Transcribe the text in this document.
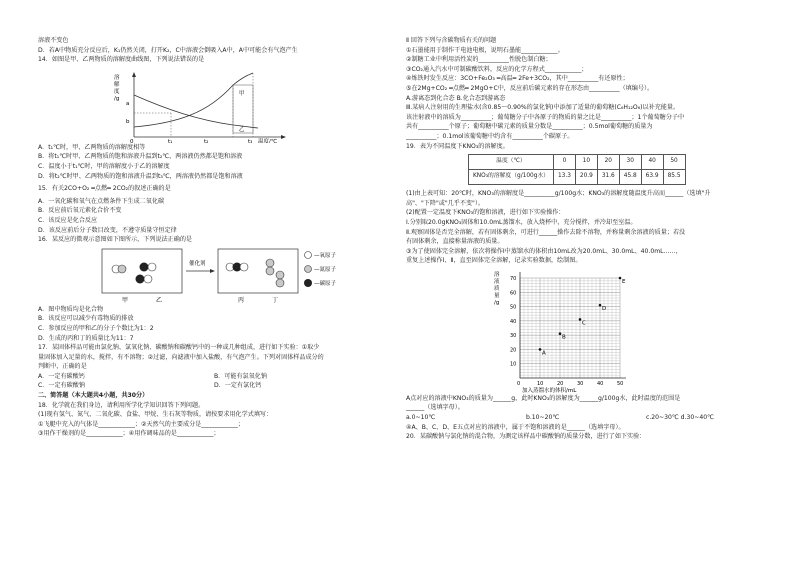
溶液不变色
D．若A中物质充分反应后，K₁仍然关闭，打开K₂，C中溶液会倒吸入A中，A中可能会有气泡产生
14．如图是甲、乙两物质的溶解度曲线图，下列说法错误的是
溶
解
度
/g
a
b
甲
乙
0	t₁	t₂	t₃ 温度/℃
A．t₁℃时，甲、乙两物质的溶解度相等
B．将t₁℃时甲、乙两物质的饱和溶液升温到t₂℃，两溶液仍然都是饱和溶液
C．温度小于t₁℃时，甲的溶解度小于乙的溶解度
D．将t₂℃时甲、乙两物质的饱和溶液升温到t₃℃，两溶液仍然都是饱和溶液
15．有关2CO+O₂ ═点燃═ 2CO₂的叙述正确的是
A．一氧化碳和氧气在点燃条件下生成二氧化碳
B．反应前后氧元素化合价不变
C．该反应是化合反应
D．该反应前后分子数目改变，不遵守质量守恒定律
16．某反应的微观示意图如下图所示，下列说法正确的是
甲	乙
催化剂
丙	丁
—氧原子
—氮原子
—碳原子
A．图中物质均是化合物
B．该反应可以减少有毒物质的排放
C．参加反应的甲和乙的分子个数比为1：2
D．生成的丙和丁的质量比为11：7
17．某固体样品可能由氯化钠、氯氧化钠、碳酸钠和碳酸钙中的一种或几种组成，进行如下实验：①取少
量固体加入足量的水，搅拌，有不溶物；②过滤，向滤液中加入盐酸，有气泡产生。下列对固体样品成分的
判断中，正确的是
A．一定有碳酸钙	B．可能有氯氧化钠
C．一定有碳酸钠	D．一定有氯化钙
二、简答题（本大题共4小题，共30分）
18．化学就在我们身边，请利用所学化学知识回答下列问题。
(1)现有氢气、氮气、二氧化碳、食盐、甲烷、生石灰等物质，请按要求用化学式填写：
①飞艇中充入的气体是____________；②天然气的主要成分是____________；
③用作干燥剂的是____________；④用作调味品的是____________；
Ⅱ 回答下列与含碳物质有关的问题
①石墨能用于制作干电池电极，说明石墨能____________。
②制糖工业中利用活性炭的__________性脱色制白糖；
③CO₂通入汽水中可制碳酸饮料，反应的化学方程式____________；
④炼铁时发生反应：3CO+Fe₂O₃ ═高温═ 2Fe+3CO₂，其中__________有还原性；
⑤在2Mg+CO₂ ═点燃═ 2MgO+C中，反应前后碳元素的存在形态由__________（填编号）。
A.游离态到化合态 B.化合态到游离态
Ⅲ.某病人注射用的生理盐水(含0.85～0.90%的氯化钠)中添加了适量的葡萄糖(C₆H₁₂O₆)以补充能量。
该注射液中的溶质为__________；葡萄糖分子中各原子的物质的量之比是__________；1个葡萄糖分子中
共有__________个原子；葡萄糖中碳元素的质量分数是__________；0.5mol葡萄糖的质量为
__________；0.1mol该葡萄糖中约含有__________个碳原子。
19．表为不同温度下KNO₃的溶解度。
温度（℃）	0	10	20	30	40	50
KNO₃的溶解度（g/100g水）	13.3	20.9	31.6	45.8	63.9	85.5
(1)由上表可知：20℃时，KNO₃的溶解度是__________g/100g水；KNO₃的溶解度随温度升高而______（选填"升
高"、"下降"或"几乎不变"）。
(2)配置一定温度下KNO₃的饱和溶液，进行如下实验操作：
Ⅰ.分别取20.0gKNO₃固体和10.0mL蒸馏水，放入烧杯中，充分搅拌，并冷却至室温。
Ⅱ.观察固体是否完全溶解，若有固体剩余，可进行______操作去除不溶物，并称量剩余溶液的质量；若没
有固体剩余，直接称量溶液的质量。
③为了使固体完全溶解，依次将操作Ⅰ中蒸馏水的体积由10mL改为20.0mL、30.0mL、40.0mL……，
重复上述操作Ⅰ、Ⅱ，直至固体完全溶解，记录实验数据，绘制图。
溶
液
质
量
/g
10
20
30
40
50
60
70
0	10	20	30	40	50
A
B
C
D
E
加入蒸馏水的体积/mL
A点对应的溶液中KNO₃的质量为______g，此时KNO₃的溶解度为______g/100g水，此时温度的范围是
______（选填字母）。
a.0~10℃	b.10~20℃	c.20~30℃ d.30~40℃
④A、B、C、D、E五点对应的溶液中，属于不饱和溶液的是______（选填字母）。
20．某碳酸钠与氯化钠的混合物，为测定该样品中碳酸钠的质量分数，进行了如下实验：
